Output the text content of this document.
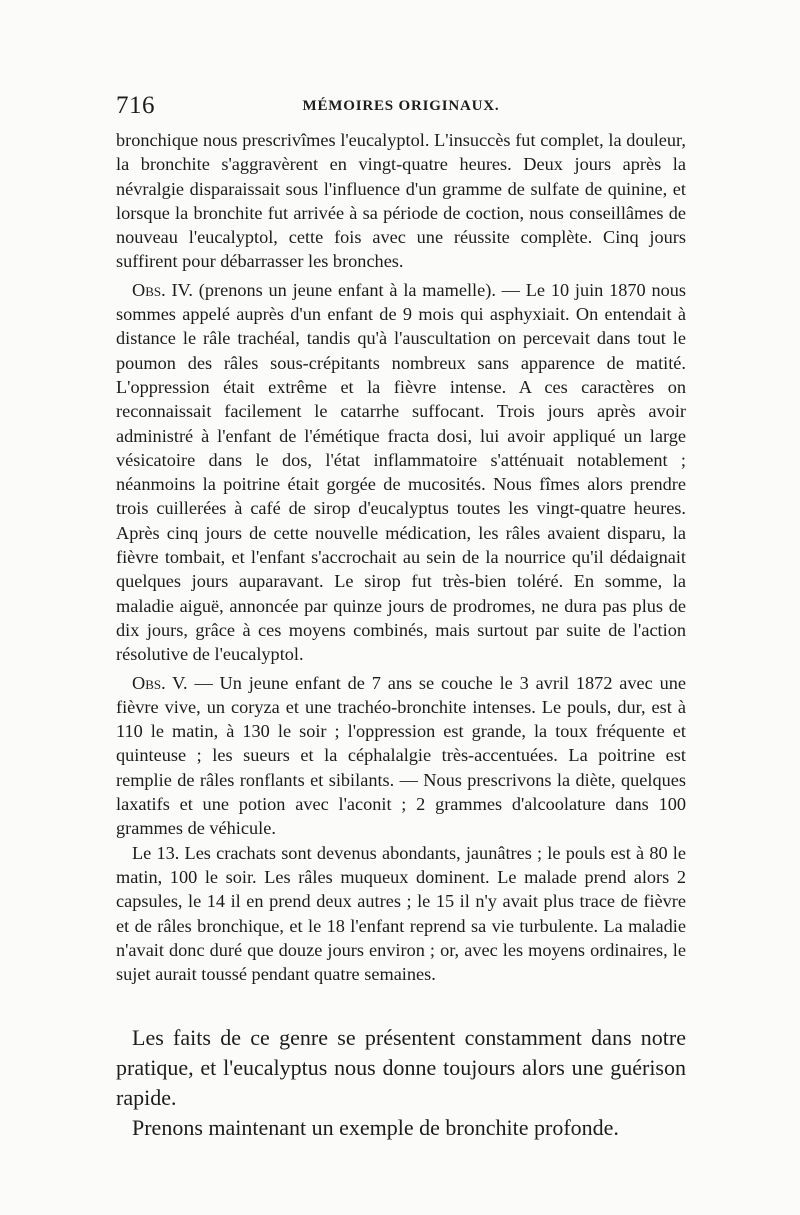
716	MÉMOIRES ORIGINAUX.

bronchique nous prescrivîmes l'eucalyptol. L'insuccès fut complet, la douleur, la bronchite s'aggravèrent en vingt-quatre heures. Deux jours après la névralgie disparaissait sous l'influence d'un gramme de sulfate de quinine, et lorsque la bronchite fut arrivée à sa période de coction, nous conseillâmes de nouveau l'eucalyptol, cette fois avec une réussite complète. Cinq jours suffirent pour débarrasser les bronches.

Obs. IV. (prenons un jeune enfant à la mamelle). — Le 10 juin 1870 nous sommes appelé auprès d'un enfant de 9 mois qui asphyxiait. On entendait à distance le râle trachéal, tandis qu'à l'auscultation on percevait dans tout le poumon des râles sous-crépitants nombreux sans apparence de matité. L'oppression était extrême et la fièvre intense. A ces caractères on reconnaissait facilement le catarrhe suffocant. Trois jours après avoir administré à l'enfant de l'émétique fracta dosi, lui avoir appliqué un large vésicatoire dans le dos, l'état inflammatoire s'atténuait notablement ; néanmoins la poitrine était gorgée de mucosités. Nous fîmes alors prendre trois cuillerées à café de sirop d'eucalyptus toutes les vingt-quatre heures. Après cinq jours de cette nouvelle médication, les râles avaient disparu, la fièvre tombait, et l'enfant s'accrochait au sein de la nourrice qu'il dédaignait quelques jours auparavant. Le sirop fut très-bien toléré. En somme, la maladie aiguë, annoncée par quinze jours de prodromes, ne dura pas plus de dix jours, grâce à ces moyens combinés, mais surtout par suite de l'action résolutive de l'eucalyptol.

Obs. V. — Un jeune enfant de 7 ans se couche le 3 avril 1872 avec une fièvre vive, un coryza et une trachéo-bronchite intenses. Le pouls, dur, est à 110 le matin, à 130 le soir ; l'oppression est grande, la toux fréquente et quinteuse ; les sueurs et la céphalalgie très-accentuées. La poitrine est remplie de râles ronflants et sibilants. — Nous prescrivons la diète, quelques laxatifs et une potion avec l'aconit ; 2 grammes d'alcoolature dans 100 grammes de véhicule.

Le 13. Les crachats sont devenus abondants, jaunâtres ; le pouls est à 80 le matin, 100 le soir. Les râles muqueux dominent. Le malade prend alors 2 capsules, le 14 il en prend deux autres ; le 15 il n'y avait plus trace de fièvre et de râles bronchique, et le 18 l'enfant reprend sa vie turbulente. La maladie n'avait donc duré que douze jours environ ; or, avec les moyens ordinaires, le sujet aurait toussé pendant quatre semaines.

Les faits de ce genre se présentent constamment dans notre pratique, et l'eucalyptus nous donne toujours alors une guérison rapide.

Prenons maintenant un exemple de bronchite profonde.
